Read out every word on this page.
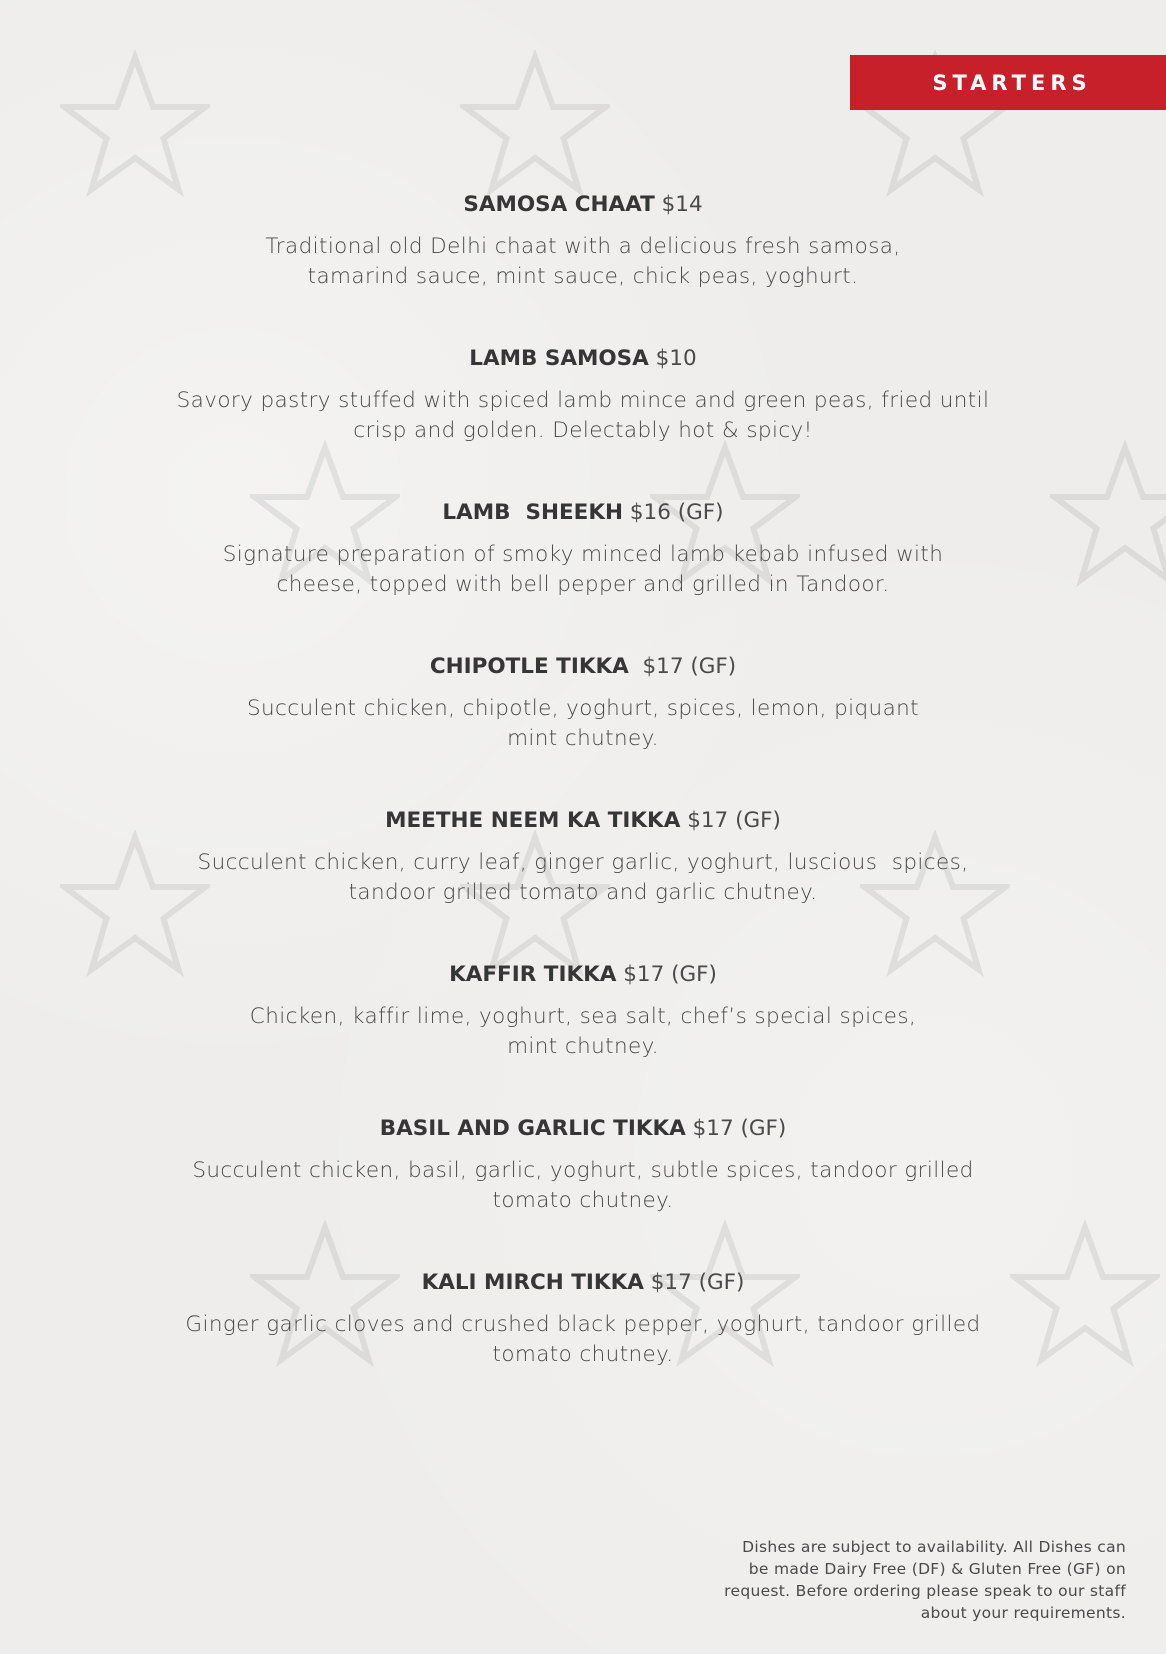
STARTERS
SAMOSA CHAAT $14
Traditional old Delhi chaat with a delicious fresh samosa,
tamarind sauce, mint sauce, chick peas, yoghurt.
LAMB SAMOSA $10
Savory pastry stuffed with spiced lamb mince and green peas, fried until
crisp and golden. Delectably hot & spicy!
LAMB  SHEEKH $16 (GF)
Signature preparation of smoky minced lamb kebab infused with
cheese, topped with bell pepper and grilled in Tandoor.
CHIPOTLE TIKKA  $17 (GF)
Succulent chicken, chipotle, yoghurt, spices, lemon, piquant
mint chutney.
MEETHE NEEM KA TIKKA $17 (GF)
Succulent chicken, curry leaf, ginger garlic, yoghurt, luscious  spices,
tandoor grilled tomato and garlic chutney.
KAFFIR TIKKA $17 (GF)
Chicken, kaffir lime, yoghurt, sea salt, chef’s special spices,
mint chutney.
BASIL AND GARLIC TIKKA $17 (GF)
Succulent chicken, basil, garlic, yoghurt, subtle spices, tandoor grilled
tomato chutney.
KALI MIRCH TIKKA $17 (GF)
Ginger garlic cloves and crushed black pepper, yoghurt, tandoor grilled
tomato chutney.
Dishes are subject to availability. All Dishes can
be made Dairy Free (DF) & Gluten Free (GF) on
request. Before ordering please speak to our staff
about your requirements.
